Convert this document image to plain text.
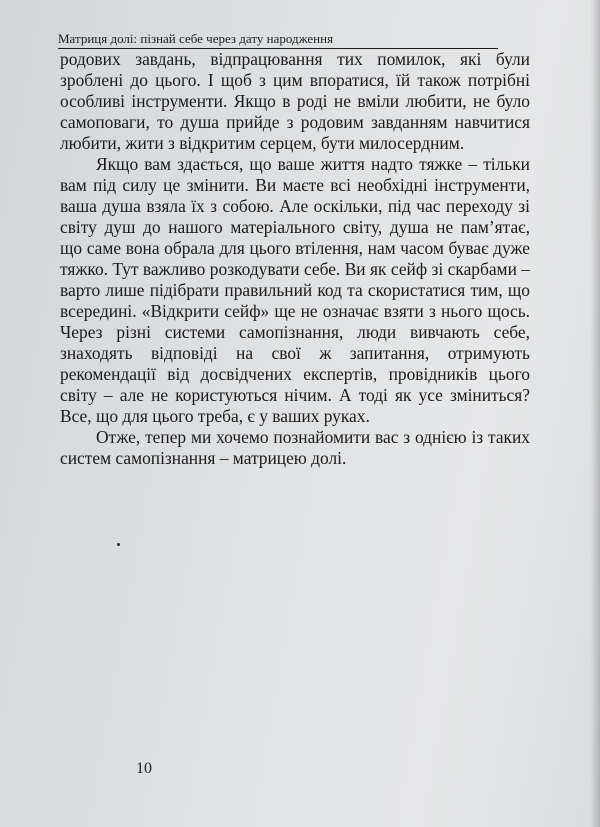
Матриця долі: пізнай себе через дату народження

родових завдань, відпрацювання тих помилок, які були зроблені до цього. І щоб з цим впоратися, їй також потрібні особливі інструменти. Якщо в роді не вміли любити, не було самоповаги, то душа прийде з родовим завданням навчитися любити, жити з відкритим серцем, бути милосердним.

Якщо вам здається, що ваше життя надто тяжке – тільки вам під силу це змінити. Ви маєте всі необхідні інструменти, ваша душа взяла їх з собою. Але оскільки, під час переходу зі світу душ до нашого матеріального світу, душа не пам’ятає, що саме вона обрала для цього втілення, нам часом буває дуже тяжко. Тут важливо розкодувати себе. Ви як сейф зі скарбами – варто лише підібрати правильний код та скористатися тим, що всередині. «Відкрити сейф» ще не означає взяти з нього щось. Через різні системи самопізнання, люди вивчають себе, знаходять відповіді на свої ж запитання, отримують рекомендації від досвідчених експертів, провідників цього світу – але не користуються нічим. А тоді як усе зміниться? Все, що для цього треба, є у ваших руках.

Отже, тепер ми хочемо познайомити вас з однією із таких систем самопізнання – матрицею долі.

10
